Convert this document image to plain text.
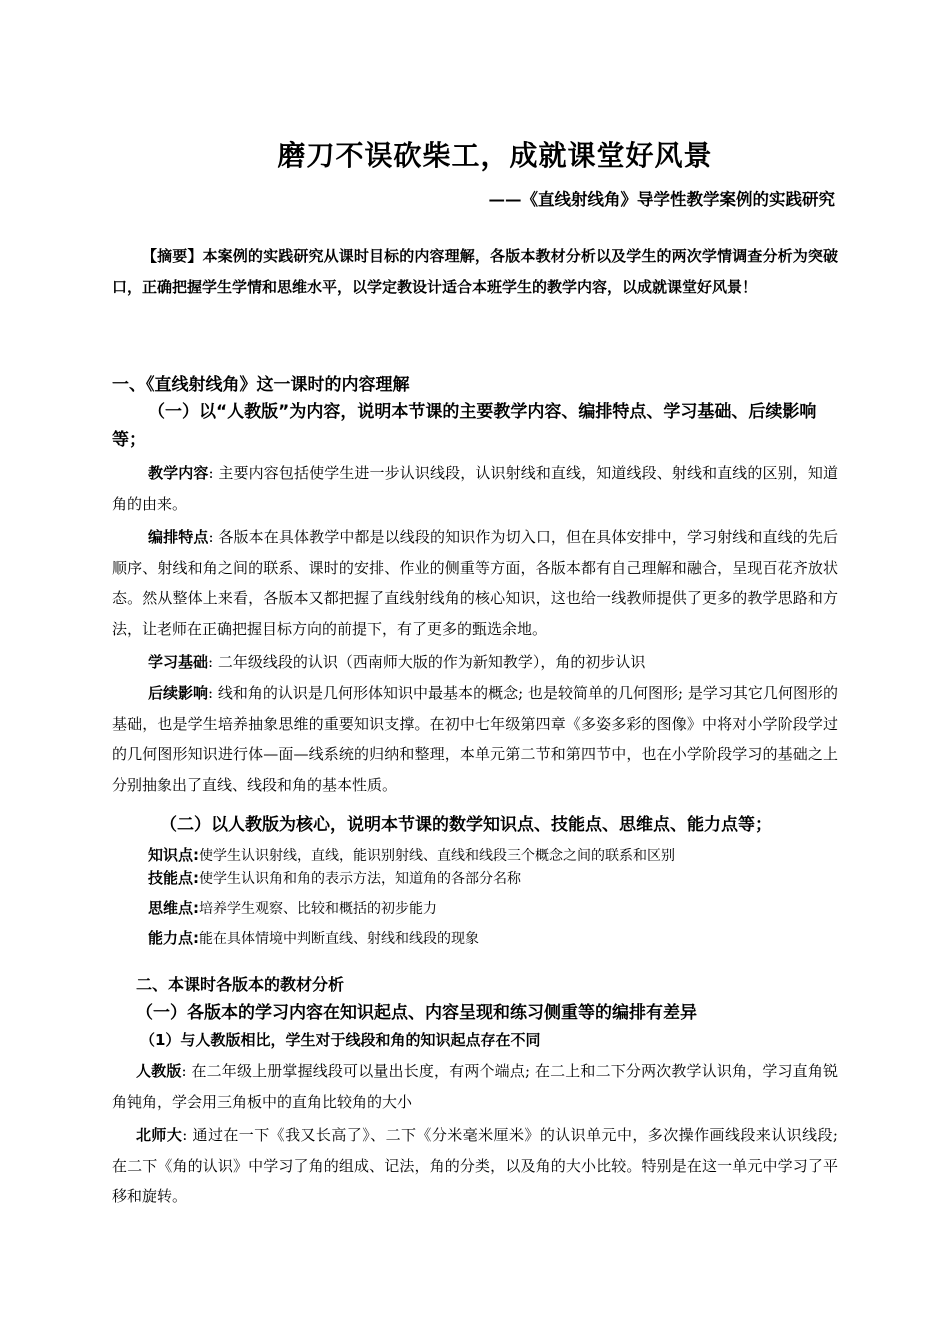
磨刀不误砍柴工，成就课堂好风景
——《直线射线角》导学性教学案例的实践研究
【摘要】本案例的实践研究从课时目标的内容理解，各版本教材分析以及学生的两次学情调查分析为突破口，正确把握学生学情和思维水平，以学定教设计适合本班学生的教学内容，以成就课堂好风景！
一、《直线射线角》这一课时的内容理解
（一）以“人教版”为内容，说明本节课的主要教学内容、编排特点、学习基础、后续影响等；
教学内容: 主要内容包括使学生进一步认识线段，认识射线和直线，知道线段、射线和直线的区别，知道角的由来。
编排特点: 各版本在具体教学中都是以线段的知识作为切入口，但在具体安排中，学习射线和直线的先后顺序、射线和角之间的联系、课时的安排、作业的侧重等方面，各版本都有自己理解和融合，呈现百花齐放状态。然从整体上来看，各版本又都把握了直线射线角的核心知识，这也给一线教师提供了更多的教学思路和方法，让老师在正确把握目标方向的前提下，有了更多的甄选余地。
学习基础: 二年级线段的认识（西南师大版的作为新知教学），角的初步认识
后续影响: 线和角的认识是几何形体知识中最基本的概念; 也是较简单的几何图形; 是学习其它几何图形的基础，也是学生培养抽象思维的重要知识支撑。在初中七年级第四章《多姿多彩的图像》中将对小学阶段学过的几何图形知识进行体—面—线系统的归纳和整理，本单元第二节和第四节中，也在小学阶段学习的基础之上分别抽象出了直线、线段和角的基本性质。
（二）以人教版为核心，说明本节课的数学知识点、技能点、思维点、能力点等；
知识点:使学生认识射线，直线，能识别射线、直线和线段三个概念之间的联系和区别
技能点:使学生认识角和角的表示方法，知道角的各部分名称
思维点:培养学生观察、比较和概括的初步能力
能力点:能在具体情境中判断直线、射线和线段的现象
二、本课时各版本的教材分析
（一）各版本的学习内容在知识起点、内容呈现和练习侧重等的编排有差异
（1）与人教版相比，学生对于线段和角的知识起点存在不同
人教版: 在二年级上册掌握线段可以量出长度，有两个端点; 在二上和二下分两次教学认识角，学习直角锐角钝角，学会用三角板中的直角比较角的大小
北师大: 通过在一下《我又长高了》、二下《分米毫米厘米》的认识单元中，多次操作画线段来认识线段; 在二下《角的认识》中学习了角的组成、记法，角的分类，以及角的大小比较。特别是在这一单元中学习了平移和旋转。
